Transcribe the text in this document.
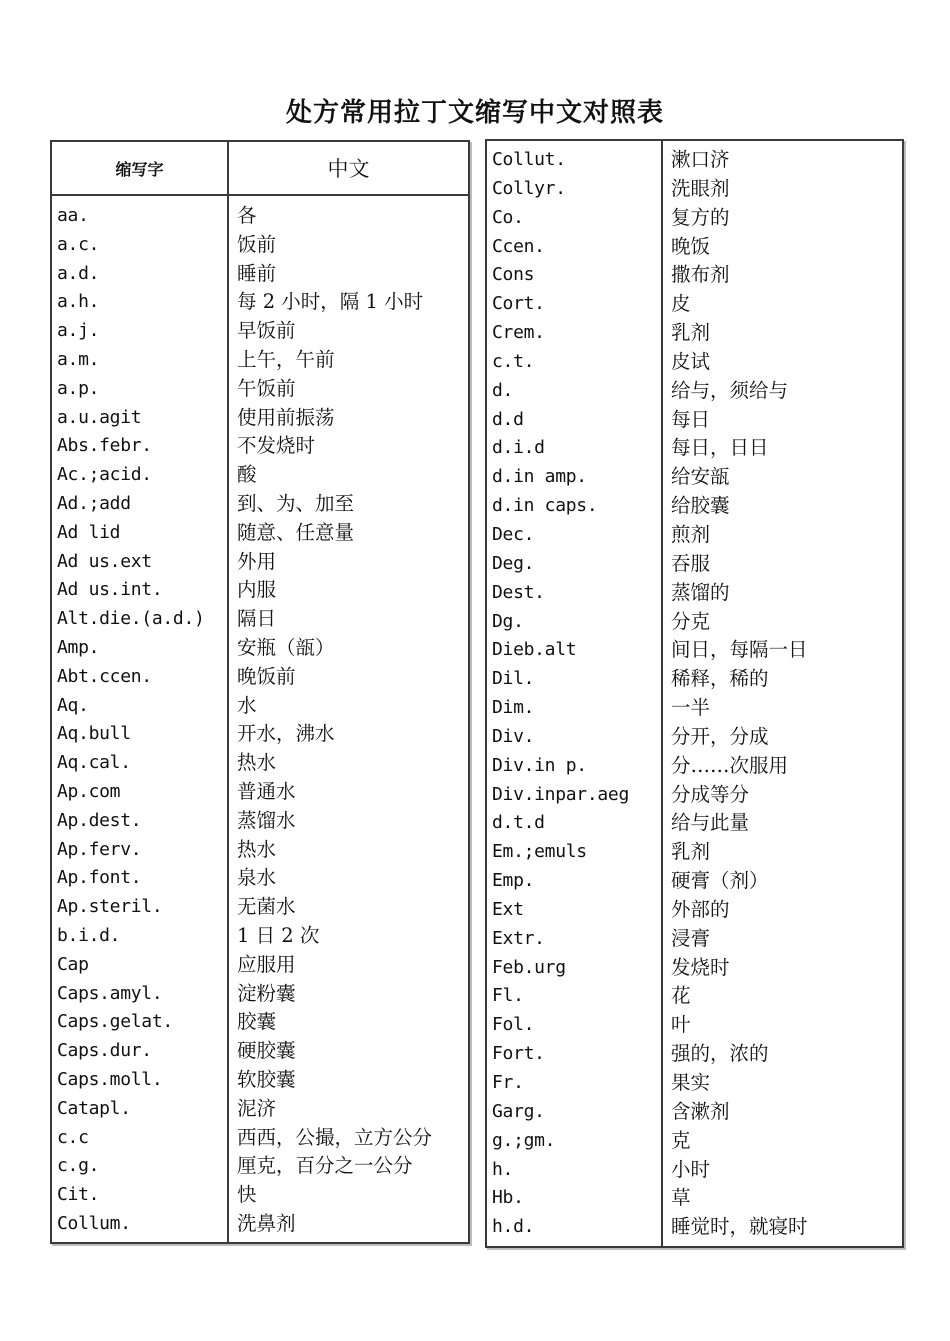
处方常用拉丁文缩写中文对照表
缩写字	中文
aa.	各
a.c.	饭前
a.d.	睡前
a.h.	每 2 小时，隔 1 小时
a.j.	早饭前
a.m.	上午，午前
a.p.	午饭前
a.u.agit	使用前振荡
Abs.febr.	不发烧时
Ac.;acid.	酸
Ad.;add	到、为、加至
Ad lid	随意、任意量
Ad us.ext	外用
Ad us.int.	内服
Alt.die.(a.d.) 隔日
Amp.	安瓶（瓿）
Abt.ccen.	晚饭前
Aq.	水
Aq.bull	开水，沸水
Aq.cal.	热水
Ap.com	普通水
Ap.dest.	蒸馏水
Ap.ferv.	热水
Ap.font.	泉水
Ap.steril.	无菌水
b.i.d.	1 日 2 次
Cap	应服用
Caps.amyl.	淀粉囊
Caps.gelat.	胶囊
Caps.dur.	硬胶囊
Caps.moll.	软胶囊
Catapl.	泥济
c.c	西西，公撮，立方公分
c.g.	厘克，百分之一公分
Cit.	快
Collum.	洗鼻剂
Collut.	漱口济
Collyr.	洗眼剂
Co.	复方的
Ccen.	晚饭
Cons	撒布剂
Cort.	皮
Crem.	乳剂
c.t.	皮试
d.	给与，须给与
d.d	每日
d.i.d	每日，日日
d.in amp.	给安瓿
d.in caps.	给胶囊
Dec.	煎剂
Deg.	吞服
Dest.	蒸馏的
Dg.	分克
Dieb.alt	间日，每隔一日
Dil.	稀释，稀的
Dim.	一半
Div.	分开，分成
Div.in p.	分……次服用
Div.inpar.aeg 分成等分
d.t.d	给与此量
Em.;emuls	乳剂
Emp.	硬膏（剂）
Ext	外部的
Extr.	浸膏
Feb.urg	发烧时
Fl.	花
Fol.	叶
Fort.	强的，浓的
Fr.	果实
Garg.	含漱剂
g.;gm.	克
h.	小时
Hb.	草
h.d.	睡觉时，就寝时
